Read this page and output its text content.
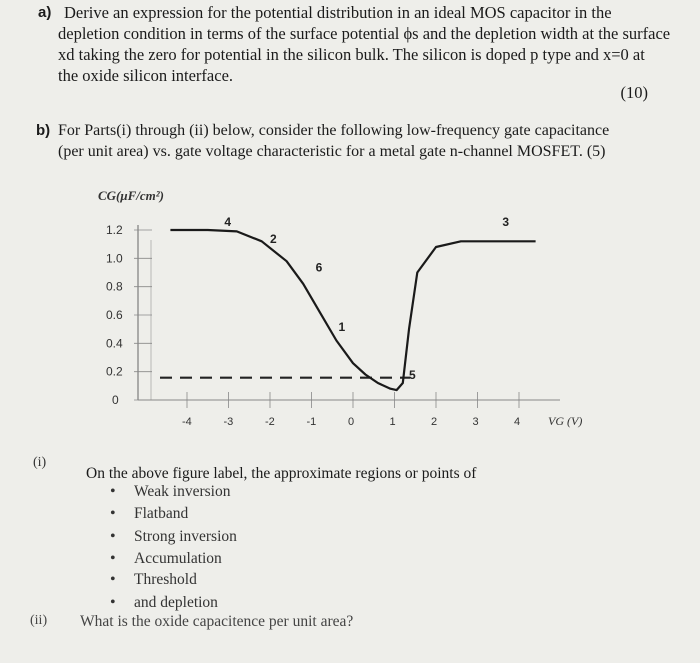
a) Derive an expression for the potential distribution in an ideal MOS capacitor in the
depletion condition in terms of the surface potential ϕs and the depletion width at the surface
xd taking the zero for potential in the silicon bulk. The silicon is doped p type and x=0 at
the oxide silicon interface.
(10)
b) For Parts(i) through (ii) below, consider the following low-frequency gate capacitance
(per unit area) vs. gate voltage characteristic for a metal gate n-channel MOSFET. (5)
CG(μF/cm²)
1.2
1.0
0.8
0.6
0.4
0.2
0
-4	-3	-2	-1	0	1	2	3	4 VG (V)
4
2
6
1
5
3
(i)
On the above figure label, the approximate regions or points of
• Weak inversion
• Flatband
• Strong inversion
• Accumulation
• Threshold
• and depletion
(ii) What is the oxide capacitence per unit area?
